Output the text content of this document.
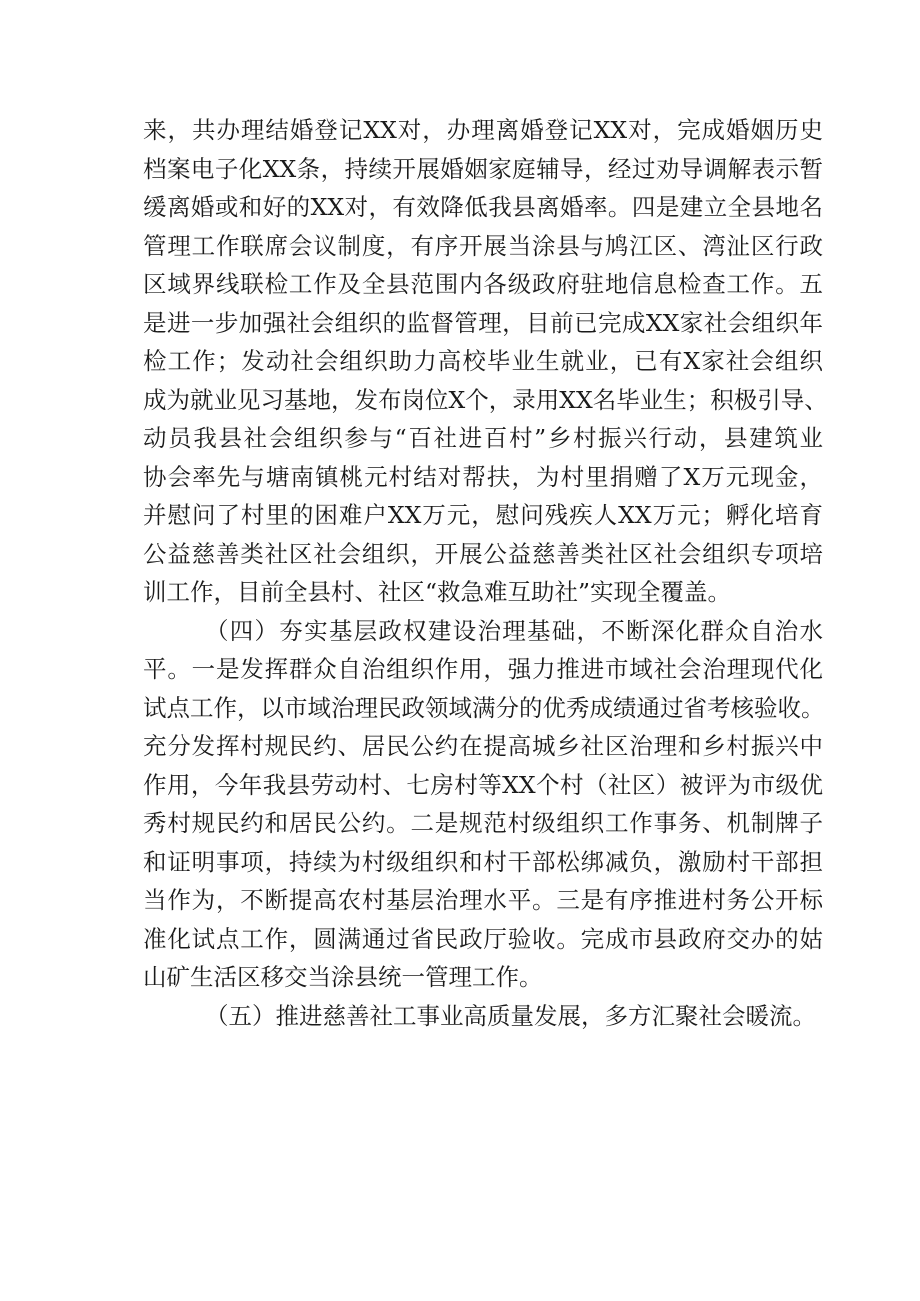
来，共办理结婚登记XX对，办理离婚登记XX对，完成婚姻历史
档案电子化XX条，持续开展婚姻家庭辅导，经过劝导调解表示暂
缓离婚或和好的XX对，有效降低我县离婚率。四是建立全县地名
管理工作联席会议制度，有序开展当涂县与鸠江区、湾沚区行政
区域界线联检工作及全县范围内各级政府驻地信息检查工作。五
是进一步加强社会组织的监督管理，目前已完成XX家社会组织年
检工作；发动社会组织助力高校毕业生就业，已有X家社会组织
成为就业见习基地，发布岗位X个，录用XX名毕业生；积极引导、
动员我县社会组织参与“百社进百村”乡村振兴行动，县建筑业
协会率先与塘南镇桃元村结对帮扶，为村里捐赠了X万元现金，
并慰问了村里的困难户XX万元，慰问残疾人XX万元；孵化培育
公益慈善类社区社会组织，开展公益慈善类社区社会组织专项培
训工作，目前全县村、社区“救急难互助社”实现全覆盖。
（四）夯实基层政权建设治理基础，不断深化群众自治水
平。一是发挥群众自治组织作用，强力推进市域社会治理现代化
试点工作，以市域治理民政领域满分的优秀成绩通过省考核验收。
充分发挥村规民约、居民公约在提高城乡社区治理和乡村振兴中
作用，今年我县劳动村、七房村等XX个村（社区）被评为市级优
秀村规民约和居民公约。二是规范村级组织工作事务、机制牌子
和证明事项，持续为村级组织和村干部松绑减负，激励村干部担
当作为，不断提高农村基层治理水平。三是有序推进村务公开标
准化试点工作，圆满通过省民政厅验收。完成市县政府交办的姑
山矿生活区移交当涂县统一管理工作。
（五）推进慈善社工事业高质量发展，多方汇聚社会暖流。
